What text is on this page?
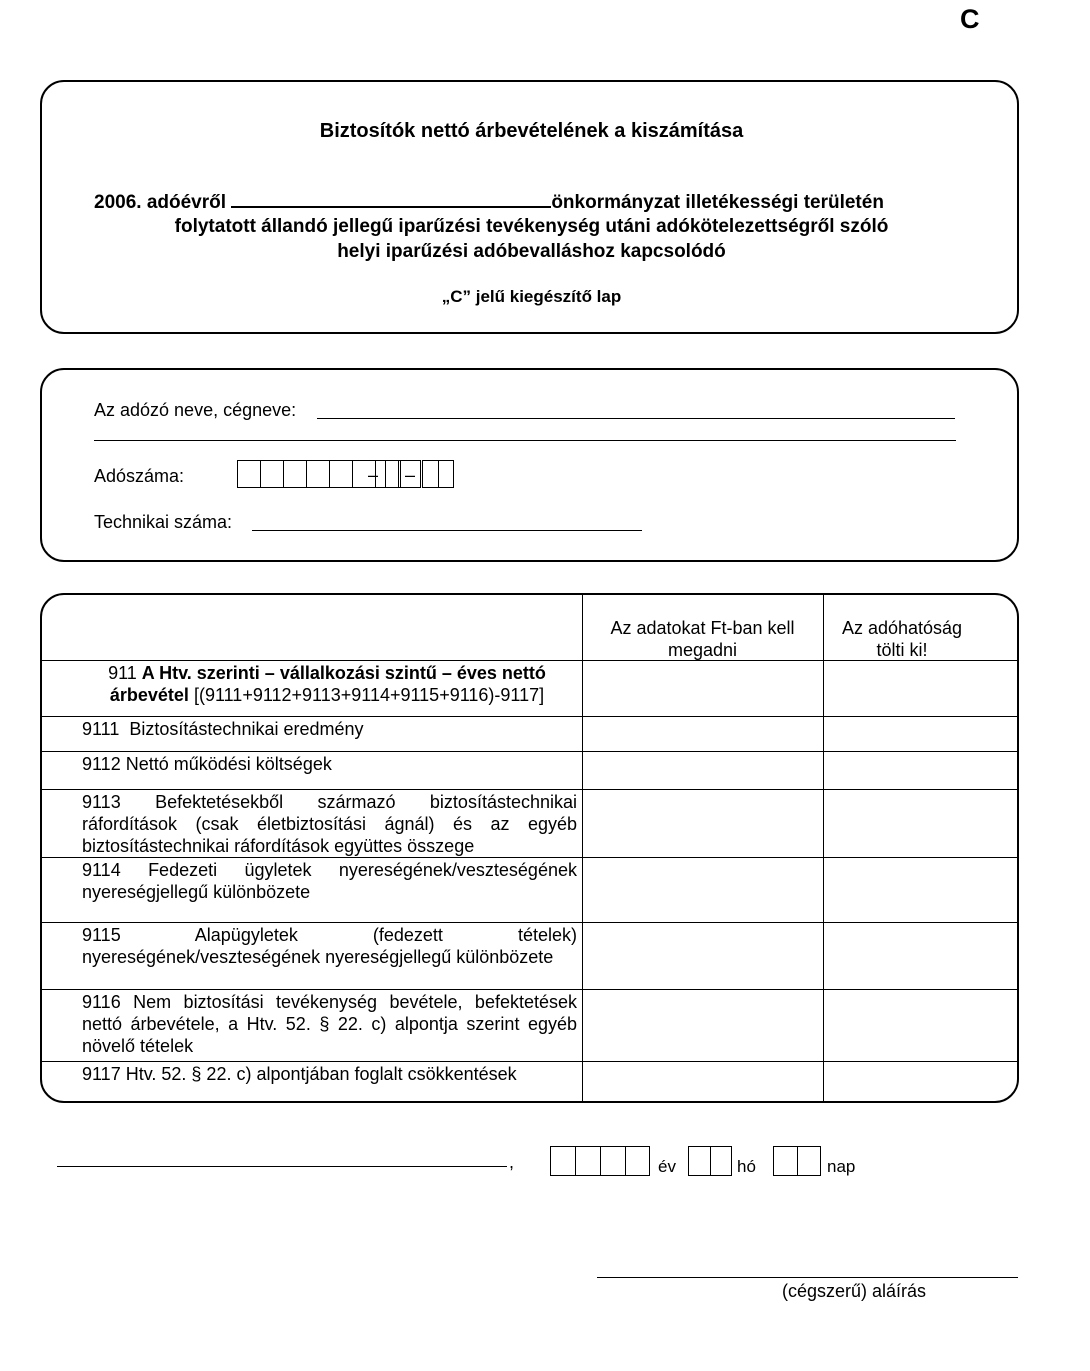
C
Biztosítók nettó árbevételének a kiszámítása
2006. adóévről	önkormányzat illetékességi területén
folytatott állandó jellegű iparűzési tevékenység utáni adókötelezettségről szóló
helyi iparűzési adóbevalláshoz kapcsolódó
„C” jelű kiegészítő lap
Az adózó neve, cégneve:
Adószáma:	– –
Technikai száma:
Az adatokat Ft-ban kell megadni
Az adóhatóság tölti ki!
911 A Htv. szerinti – vállalkozási szintű – éves nettó árbevétel [(9111+9112+9113+9114+9115+9116)-9117]
9111 Biztosítástechnikai eredmény
9112 Nettó működési költségek
9113 Befektetésekből származó biztosítástechnikai ráfordítások (csak életbiztosítási ágnál) és az egyéb biztosítástechnikai ráfordítások együttes összege
9114 Fedezeti ügyletek nyereségének/veszteségének nyereségjellegű különbözete
9115	Alapügyletek (fedezett tételek) nyereségének/veszteségének nyereségjellegű különbözete
9116 Nem biztosítási tevékenység bevétele, befektetések nettó árbevétele, a Htv. 52. § 22. c) alpontja szerint egyéb növelő tételek
9117 Htv. 52. § 22. c) alpontjában foglalt csökkentések
,	év	hó	nap
(cégszerű) aláírás
